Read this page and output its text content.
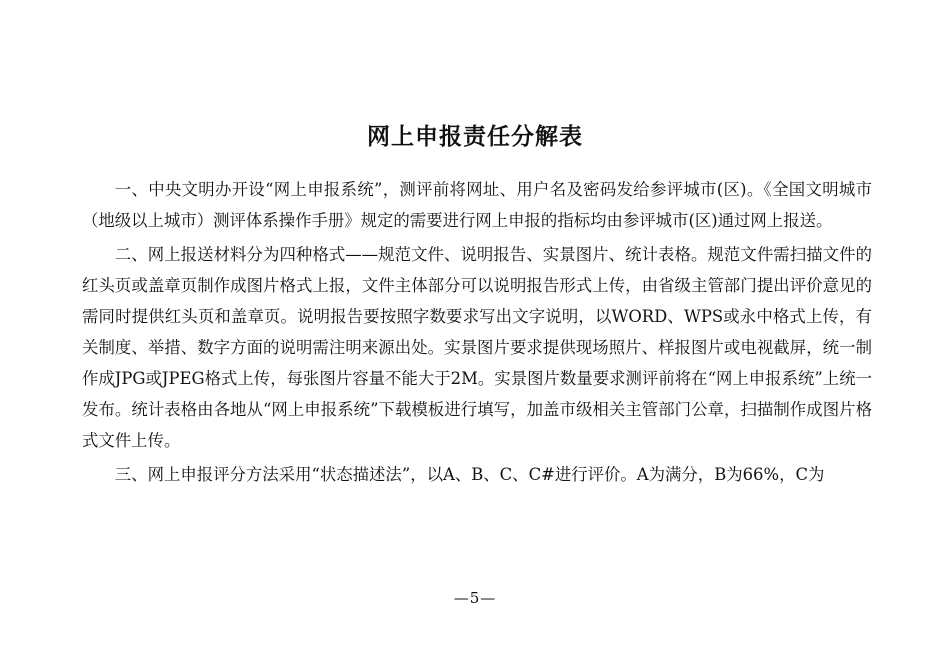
网上申报责任分解表

一、中央文明办开设“网上申报系统”，测评前将网址、用户名及密码发给参评城市(区)。《全国文明城市（地级以上城市）测评体系操作手册》规定的需要进行网上申报的指标均由参评城市(区)通过网上报送。

二、网上报送材料分为四种格式——规范文件、说明报告、实景图片、统计表格。规范文件需扫描文件的红头页或盖章页制作成图片格式上报，文件主体部分可以说明报告形式上传，由省级主管部门提出评价意见的需同时提供红头页和盖章页。说明报告要按照字数要求写出文字说明，以WORD、WPS或永中格式上传，有关制度、举措、数字方面的说明需注明来源出处。实景图片要求提供现场照片、样报图片或电视截屏，统一制作成JPG或JPEG格式上传，每张图片容量不能大于2M。实景图片数量要求测评前将在“网上申报系统”上统一发布。统计表格由各地从“网上申报系统”下载模板进行填写，加盖市级相关主管部门公章，扫描制作成图片格式文件上传。

三、网上申报评分方法采用“状态描述法”，以A、B、C、C#进行评价。A为满分，B为66%，C为

—5—
